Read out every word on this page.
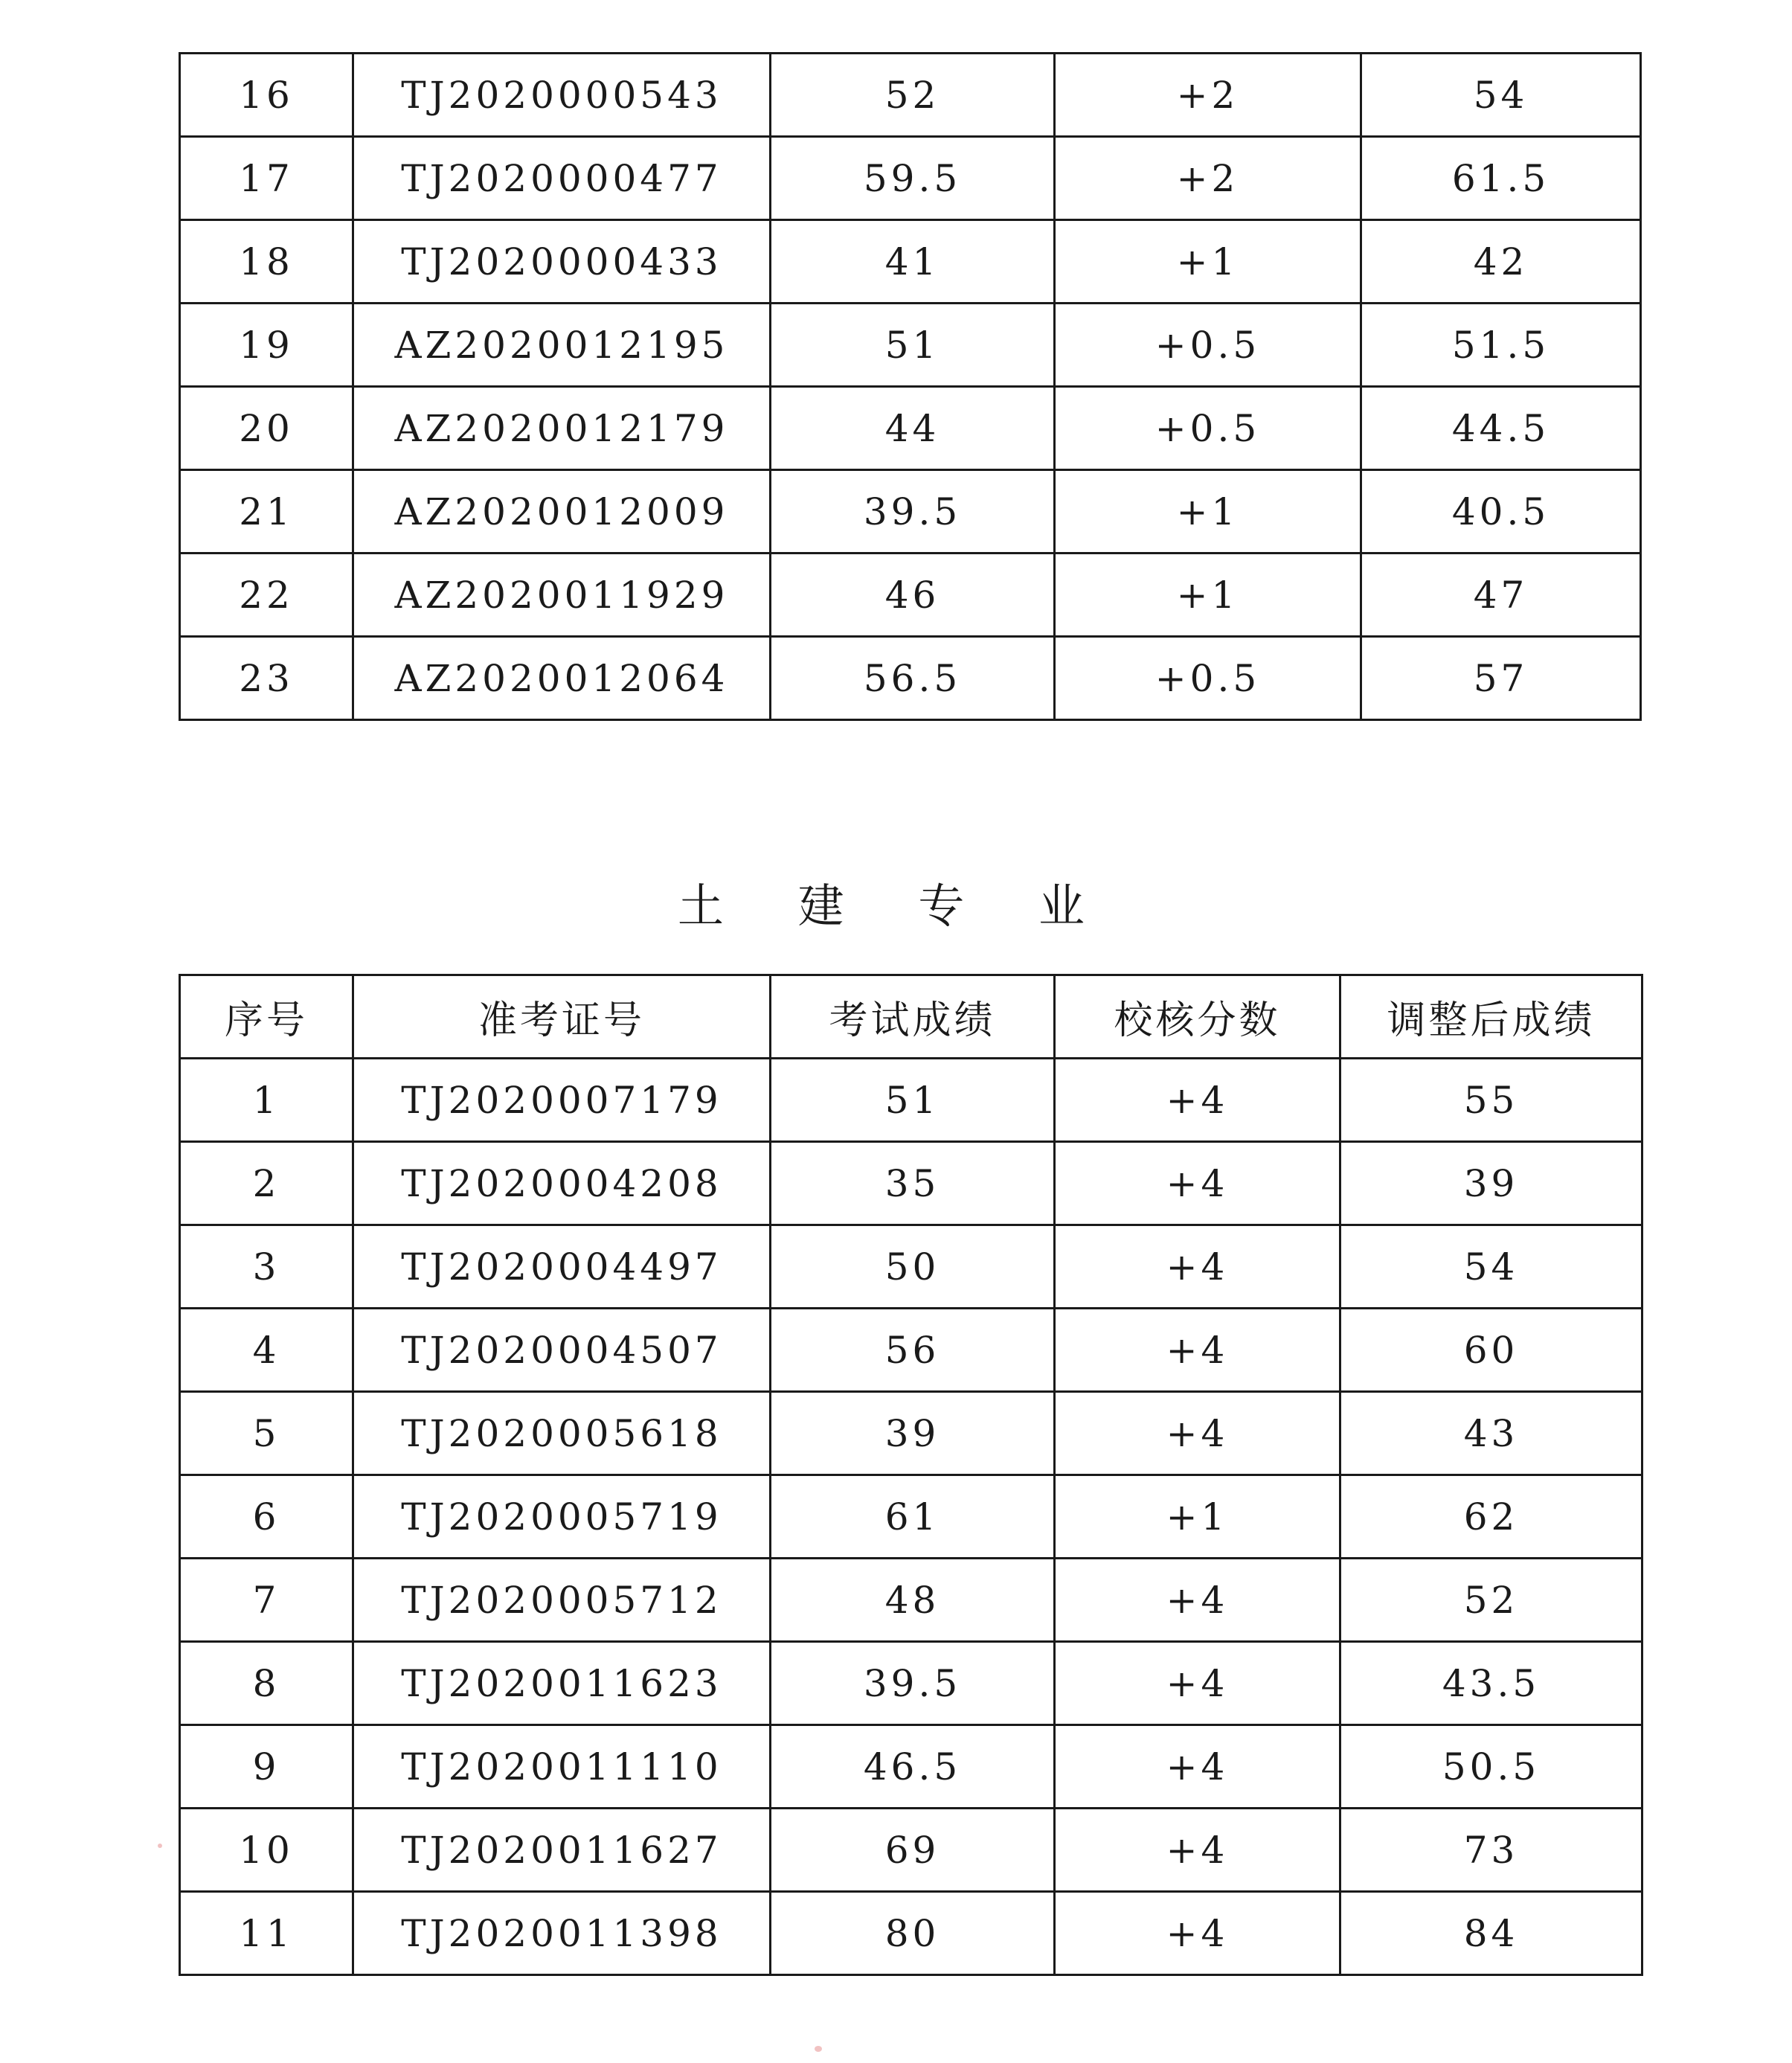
16	TJ2020000543	52	+2	54
17	TJ2020000477	59.5	+2	61.5
18	TJ2020000433	41	+1	42
19	AZ2020012195	51	+0.5	51.5
20	AZ2020012179	44	+0.5	44.5
21	AZ2020012009	39.5	+1	40.5
22	AZ2020011929	46	+1	47
23	AZ2020012064	56.5	+0.5	57
土 建 专 业
序号	准考证号	考试成绩	校核分数	调整后成绩
1	TJ2020007179	51	+4	55
2	TJ2020004208	35	+4	39
3	TJ2020004497	50	+4	54
4	TJ2020004507	56	+4	60
5	TJ2020005618	39	+4	43
6	TJ2020005719	61	+1	62
7	TJ2020005712	48	+4	52
8	TJ2020011623	39.5	+4	43.5
9	TJ2020011110	46.5	+4	50.5
10	TJ2020011627	69	+4	73
11	TJ2020011398	80	+4	84
